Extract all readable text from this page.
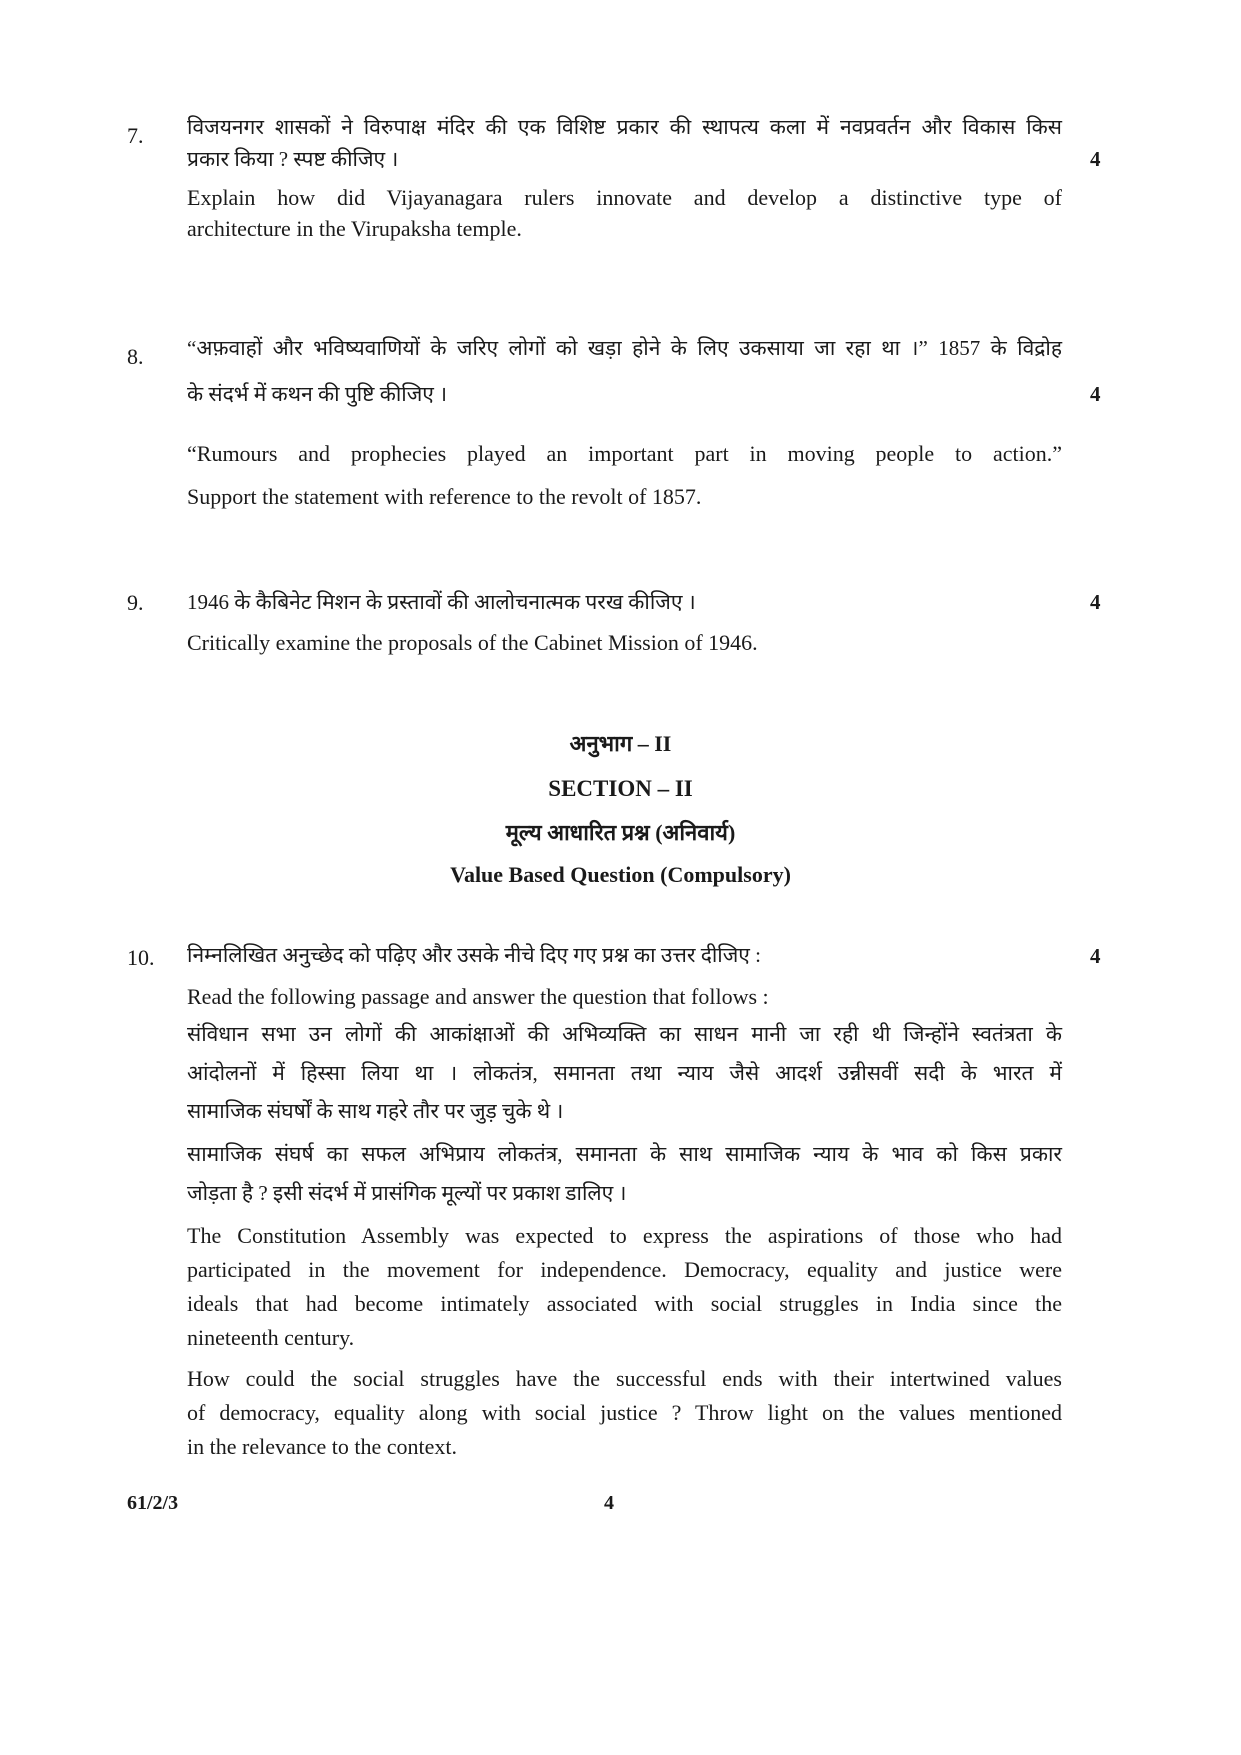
7. विजयनगर शासकों ने विरुपाक्ष मंदिर की एक विशिष्ट प्रकार की स्थापत्य कला में नवप्रवर्तन और विकास किस
प्रकार किया ? स्पष्ट कीजिए ।	4
Explain how did Vijayanagara rulers innovate and develop a distinctive type of
architecture in the Virupaksha temple.
8. “अफ़वाहों और भविष्यवाणियों के जरिए लोगों को खड़ा होने के लिए उकसाया जा रहा था ।” 1857 के विद्रोह
के संदर्भ में कथन की पुष्टि कीजिए ।	4
“Rumours and prophecies played an important part in moving people to action.”
Support the statement with reference to the revolt of 1857.
9. 1946 के कैबिनेट मिशन के प्रस्तावों की आलोचनात्मक परख कीजिए ।	4
Critically examine the proposals of the Cabinet Mission of 1946.
अनुभाग – II
SECTION – II
मूल्य आधारित प्रश्न (अनिवार्य)
Value Based Question (Compulsory)
10. निम्नलिखित अनुच्छेद को पढ़िए और उसके नीचे दिए गए प्रश्न का उत्तर दीजिए :	4
Read the following passage and answer the question that follows :
संविधान सभा उन लोगों की आकांक्षाओं की अभिव्यक्ति का साधन मानी जा रही थी जिन्होंने स्वतंत्रता के
आंदोलनों में हिस्सा लिया था । लोकतंत्र, समानता तथा न्याय जैसे आदर्श उन्नीसवीं सदी के भारत में
सामाजिक संघर्षों के साथ गहरे तौर पर जुड़ चुके थे ।
सामाजिक संघर्ष का सफल अभिप्राय लोकतंत्र, समानता के साथ सामाजिक न्याय के भाव को किस प्रकार
जोड़ता है ? इसी संदर्भ में प्रासंगिक मूल्यों पर प्रकाश डालिए ।
The Constitution Assembly was expected to express the aspirations of those who had
participated in the movement for independence. Democracy, equality and justice were
ideals that had become intimately associated with social struggles in India since the
nineteenth century.
How could the social struggles have the successful ends with their intertwined values
of democracy, equality along with social justice ? Throw light on the values mentioned
in the relevance to the context.
61/2/3	4
